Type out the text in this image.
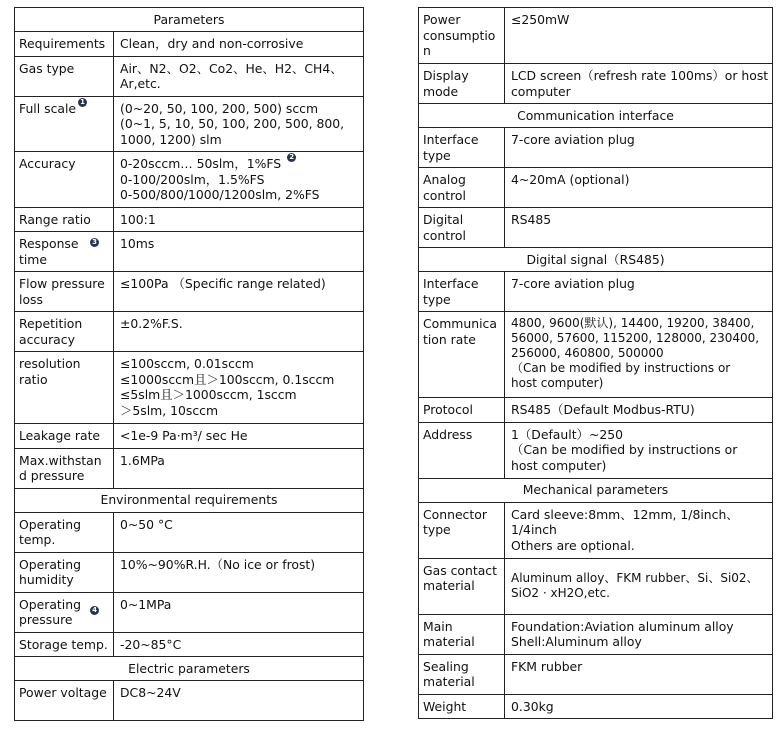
Parameters	
Requirements	Clean，dry and non-corrosive

Gas type	Air、N2、O2、Co2、He、H2、CH4、
Ar,etc.

Full scale 1	(0~20, 50, 100, 200, 500) sccm
(0~1, 5, 10, 50, 100, 200, 500, 800,
1000, 1200) slm

Accuracy	0-20sccm… 50slm，1%FS 2
0-100/200slm，1.5%FS
0-500/800/1000/1200slm, 2%FS

Range ratio	100:1

Response time	10ms

Flow pressure loss	≤100Pa （Specific range related)

Repetition accuracy	±0.2%F.S.

resolution ratio	≤100sccm, 0.01sccm
≤1000sccm且＞100sccm, 0.1sccm
≤5slm且＞1000sccm, 1sccm
＞5slm, 10sccm

Leakage rate	<1e-9 Pa·m³/ sec He

Max.withstand pressure	1.6MPa

Environmental requirements	
Operating temp.	0~50 °C

Operating humidity	10%~90%R.H.（No ice or frost)

Operating pressure	0~1MPa

Storage temp.	-20~85°C

Electric parameters	
Power voltage	DC8~24V
3
4
Power consumption	≤250mW

Display mode	LCD screen（refresh rate 100ms）or host
computer

Communication interface	
Interface type	7-core aviation plug

Analog control	4~20mA (optional)

Digital control	RS485

Digital signal（RS485)	
Interface type	7-core aviation plug

Communication rate	4800, 9600(默认), 14400, 19200, 38400,
56000, 57600, 115200, 128000, 230400,
256000, 460800, 500000
（Can be modified by instructions or
host computer)

Protocol	RS485（Default Modbus-RTU)

Address	1（Default）~250
（Can be modified by instructions or
host computer)

Mechanical parameters	
Connector type	Card sleeve:8mm、12mm, 1/8inch、
1/4inch
Others are optional.

Gas contact material	Aluminum alloy、FKM rubber、Si、Si02、
SiO2 · xH2O,etc.

Main material	Foundation:Aviation aluminum alloy
Shell:Aluminum alloy

Sealing material	FKM rubber

Weight	0.30kg
